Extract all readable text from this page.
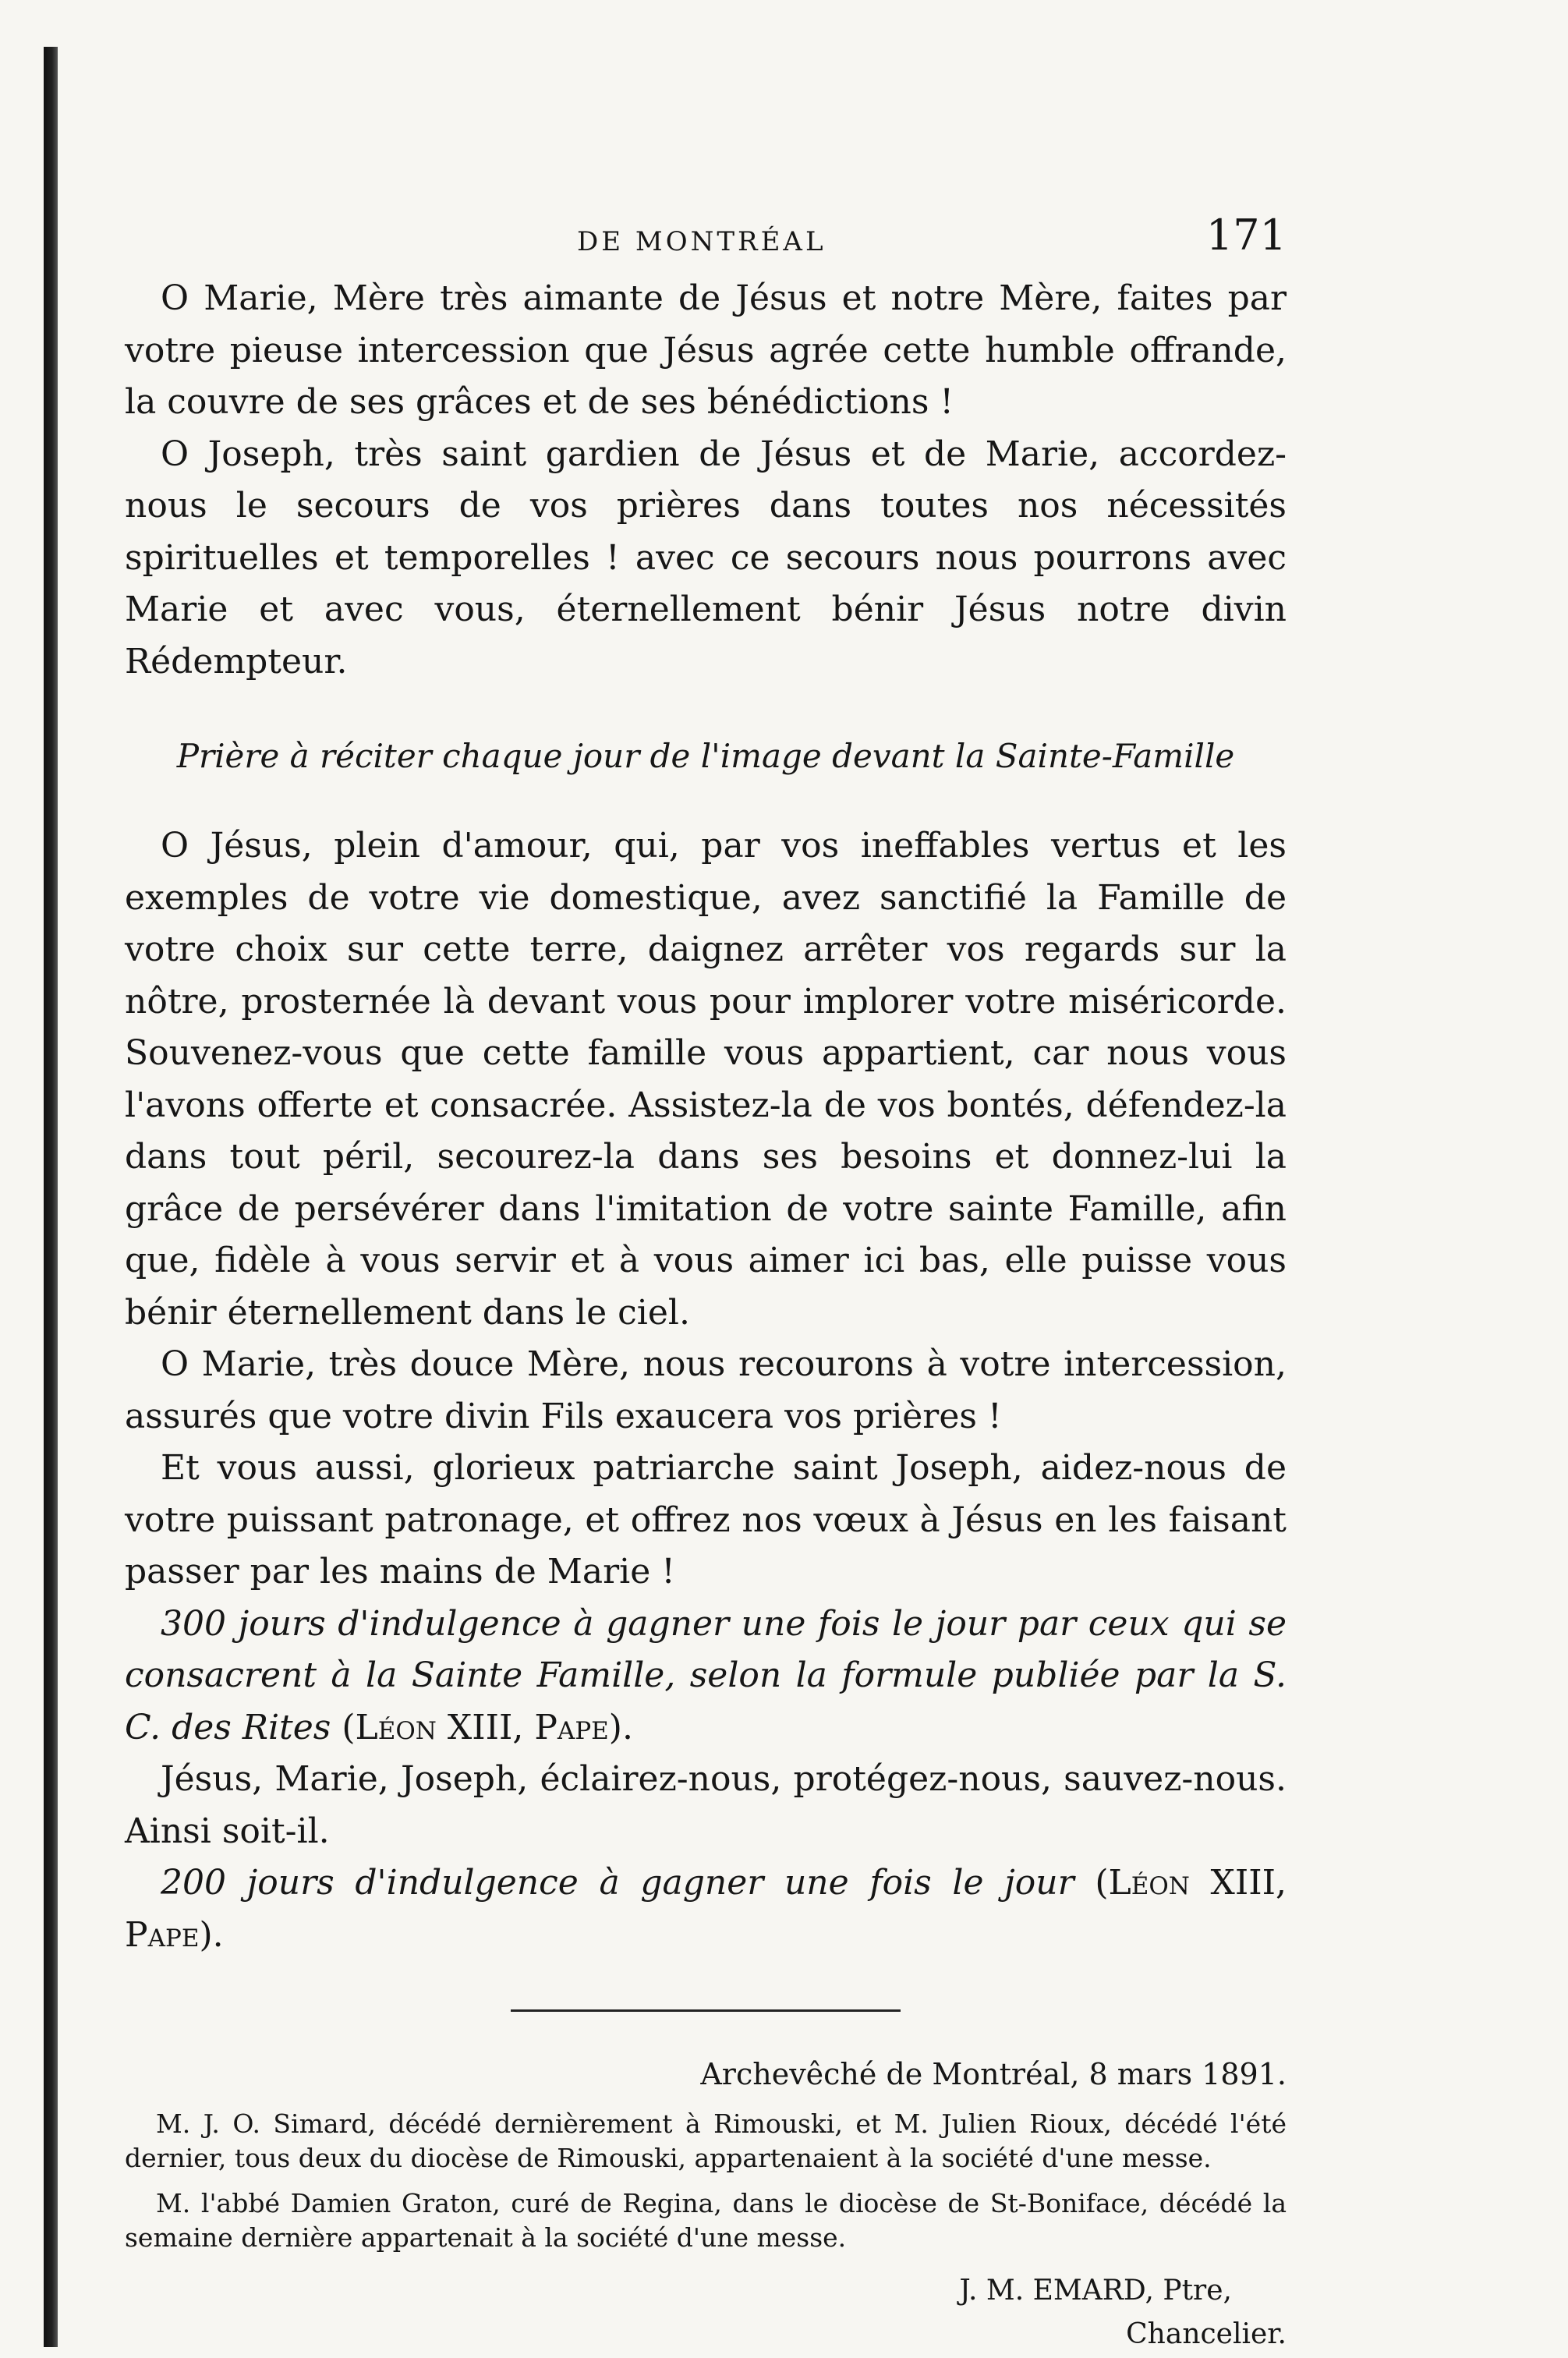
DE MONTRÉAL	171

O Marie, Mère très aimante de Jésus et notre Mère, faites par votre pieuse intercession que Jésus agrée cette humble offrande, la couvre de ses grâces et de ses bénédictions !

O Joseph, très saint gardien de Jésus et de Marie, accordez-nous le secours de vos prières dans toutes nos nécessités spirituelles et temporelles ! avec ce secours nous pourrons avec Marie et avec vous, éternellement bénir Jésus notre divin Rédempteur.

Prière à réciter chaque jour de l'image devant la Sainte-Famille

O Jésus, plein d'amour, qui, par vos ineffables vertus et les exemples de votre vie domestique, avez sanctifié la Famille de votre choix sur cette terre, daignez arrêter vos regards sur la nôtre, prosternée là devant vous pour implorer votre miséricorde. Souvenez-vous que cette famille vous appartient, car nous vous l'avons offerte et consacrée. Assistez-la de vos bontés, défendez-la dans tout péril, secourez-la dans ses besoins et donnez-lui la grâce de persévérer dans l'imitation de votre sainte Famille, afin que, fidèle à vous servir et à vous aimer ici bas, elle puisse vous bénir éternellement dans le ciel.

O Marie, très douce Mère, nous recourons à votre intercession, assurés que votre divin Fils exaucera vos prières !

Et vous aussi, glorieux patriarche saint Joseph, aidez-nous de votre puissant patronage, et offrez nos vœux à Jésus en les faisant passer par les mains de Marie !

300 jours d'indulgence à gagner une fois le jour par ceux qui se consacrent à la Sainte Famille, selon la formule publiée par la S. C. des Rites (Léon XIII, Pape).

Jésus, Marie, Joseph, éclairez-nous, protégez-nous, sauvez-nous. Ainsi soit-il.

200 jours d'indulgence à gagner une fois le jour (Léon XIII, Pape).

Archevêché de Montréal, 8 mars 1891.

M. J. O. Simard, décédé dernièrement à Rimouski, et M. Julien Rioux, décédé l'été dernier, tous deux du diocèse de Rimouski, appartenaient à la société d'une messe.

M. l'abbé Damien Graton, curé de Regina, dans le diocèse de St-Boniface, décédé la semaine dernière appartenait à la société d'une messe.

J. M. EMARD, Ptre,

Chancelier.
